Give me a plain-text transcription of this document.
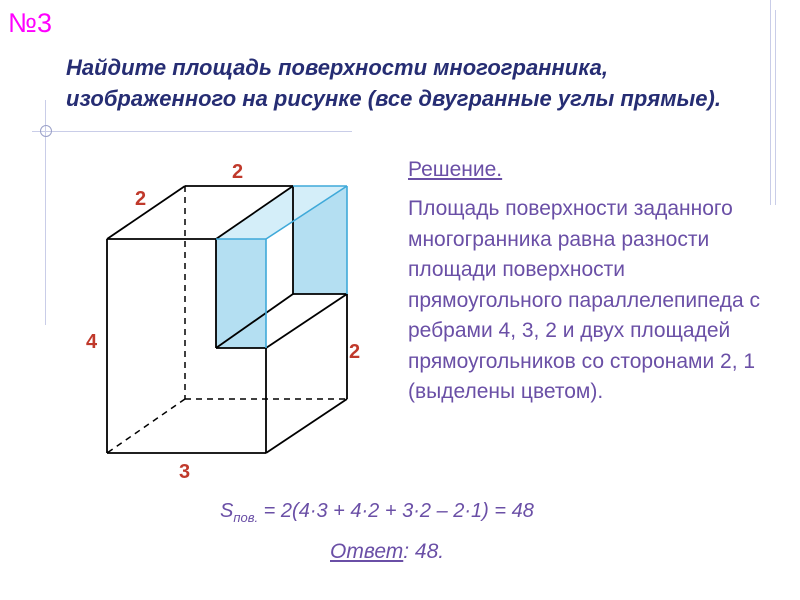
№3

Найдите площадь поверхности многогранника, изображенного на рисунке (все двугранные углы прямые).

2
2
4	2
3

Решение.

Площадь поверхности заданного многогранника равна разности площади поверхности прямоугольного параллелепипеда с ребрами 4, 3, 2 и двух площадей прямоугольников со сторонами 2, 1 (выделены цветом).

$S_{пов.} = 2(4\cdot 3 + 4\cdot 2 + 3\cdot 2 - 2\cdot 1) = 48$
Ответ: 48.
